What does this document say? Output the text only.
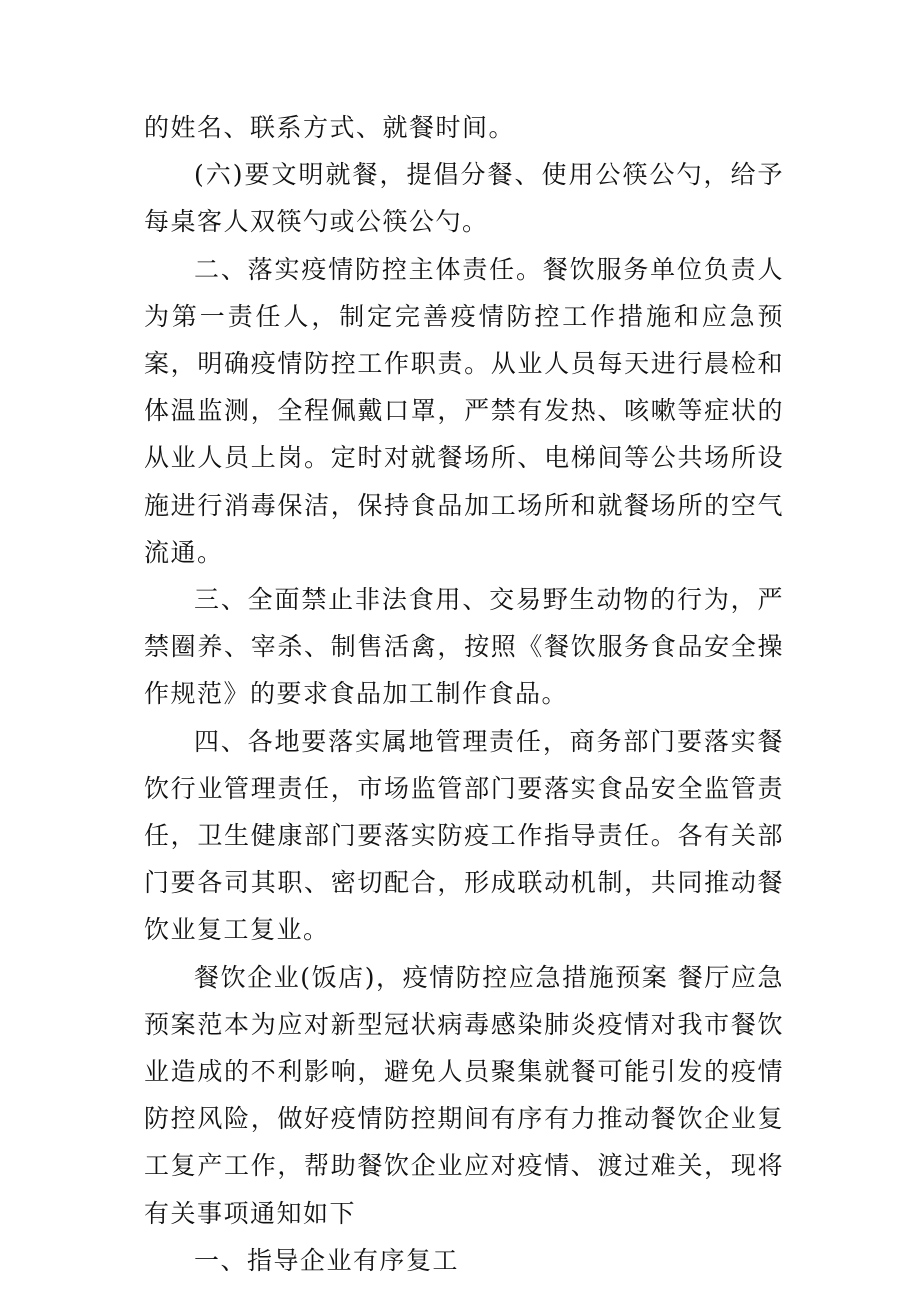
的姓名、联系方式、就餐时间。

(六)要文明就餐，提倡分餐、使用公筷公勺，给予每桌客人双筷勺或公筷公勺。

二、落实疫情防控主体责任。餐饮服务单位负责人为第一责任人，制定完善疫情防控工作措施和应急预案，明确疫情防控工作职责。从业人员每天进行晨检和体温监测，全程佩戴口罩，严禁有发热、咳嗽等症状的从业人员上岗。定时对就餐场所、电梯间等公共场所设施进行消毒保洁，保持食品加工场所和就餐场所的空气流通。

三、全面禁止非法食用、交易野生动物的行为，严禁圈养、宰杀、制售活禽，按照《餐饮服务食品安全操作规范》的要求食品加工制作食品。

四、各地要落实属地管理责任，商务部门要落实餐饮行业管理责任，市场监管部门要落实食品安全监管责任，卫生健康部门要落实防疫工作指导责任。各有关部门要各司其职、密切配合，形成联动机制，共同推动餐饮业复工复业。

餐饮企业(饭店)，疫情防控应急措施预案 餐厅应急预案范本为应对新型冠状病毒感染肺炎疫情对我市餐饮业造成的不利影响，避免人员聚集就餐可能引发的疫情防控风险，做好疫情防控期间有序有力推动餐饮企业复工复产工作，帮助餐饮企业应对疫情、渡过难关，现将有关事项通知如下

一、指导企业有序复工
